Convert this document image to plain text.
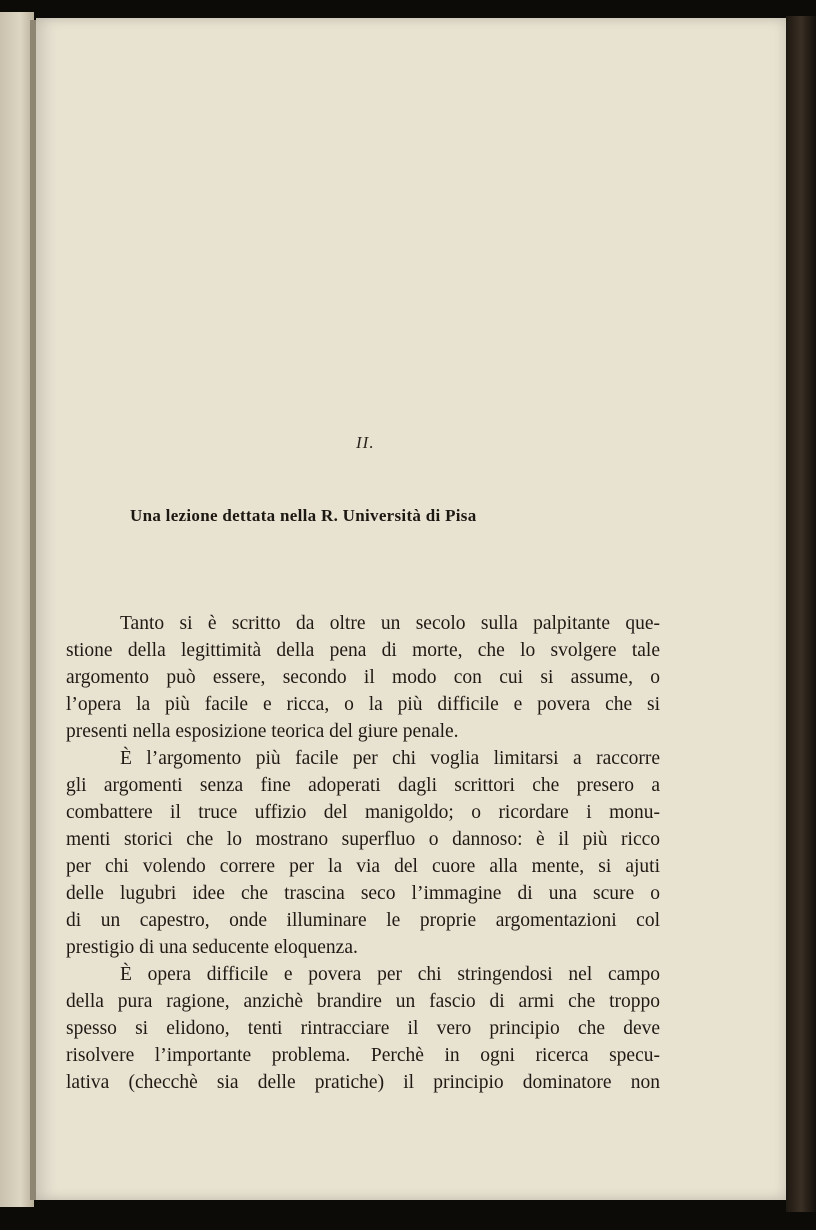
II.
Una lezione dettata nella R. Università di Pisa
Tanto si è scritto da oltre un secolo sulla palpitante que-
stione della legittimità della pena di morte, che lo svolgere tale
argomento può essere, secondo il modo con cui si assume, o
l’opera la più facile e ricca, o la più difficile e povera che si
presenti nella esposizione teorica del giure penale.
È l’argomento più facile per chi voglia limitarsi a raccorre
gli argomenti senza fine adoperati dagli scrittori che presero a
combattere il truce uffizio del manigoldo; o ricordare i monu-
menti storici che lo mostrano superfluo o dannoso: è il più ricco
per chi volendo correre per la via del cuore alla mente, si ajuti
delle lugubri idee che trascina seco l’immagine di una scure o
di un capestro, onde illuminare le proprie argomentazioni col
prestigio di una seducente eloquenza.
È opera difficile e povera per chi stringendosi nel campo
della pura ragione, anzichè brandire un fascio di armi che troppo
spesso si elidono, tenti rintracciare il vero principio che deve
risolvere l’importante problema. Perchè in ogni ricerca specu-
lativa (checchè sia delle pratiche) il principio dominatore non
